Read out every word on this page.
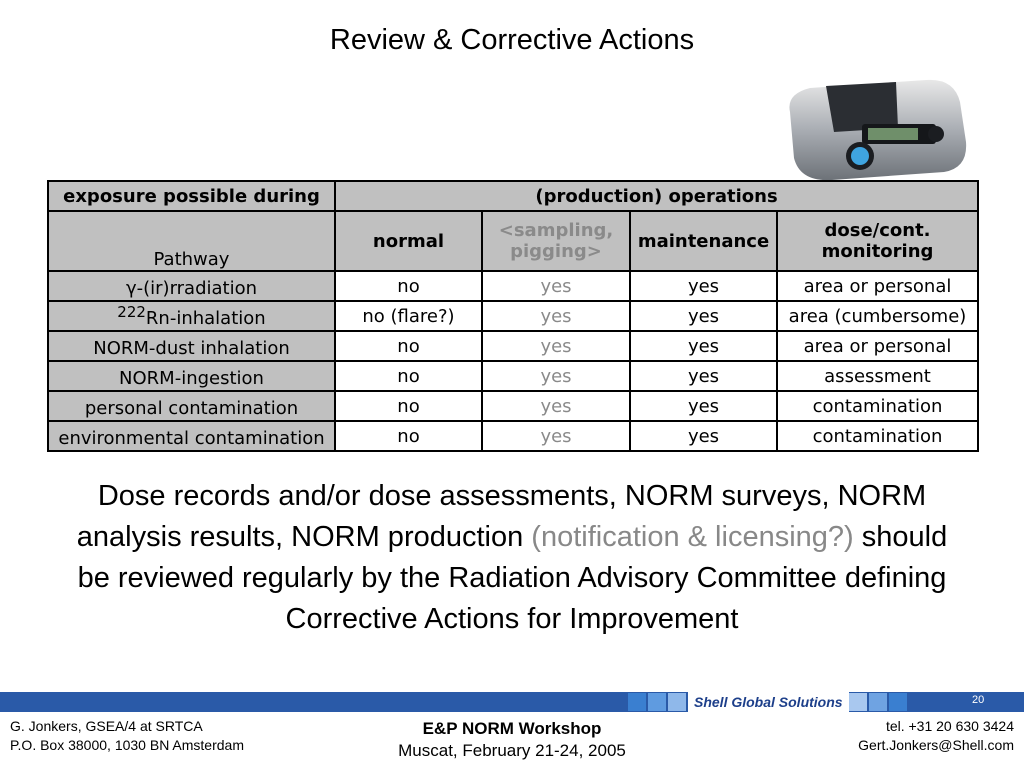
Review & Corrective Actions
exposure possible during	(production) operations			
Pathway	normal	<sampling, pigging>	maintenance	dose/cont. monitoring
γ-(ir)rradiation	no	yes	yes	area or personal
$^{222}$Rn-inhalation	no (flare?)	yes	yes	area (cumbersome)
NORM-dust inhalation	no	yes	yes	area or personal
NORM-ingestion	no	yes	yes	assessment
personal contamination	no	yes	yes	contamination
environmental contamination	no	yes	yes	contamination
Dose records and/or dose assessments, NORM surveys, NORM analysis results, NORM production (notification & licensing?) should be reviewed regularly by the Radiation Advisory Committee defining Corrective Actions for Improvement
Shell Global Solutions	20
G. Jonkers, GSEA/4 at SRTCA
P.O. Box 38000, 1030 BN Amsterdam
E&P NORM Workshop
Muscat, February 21-24, 2005
tel. +31 20 630 3424
Gert.Jonkers@Shell.com
